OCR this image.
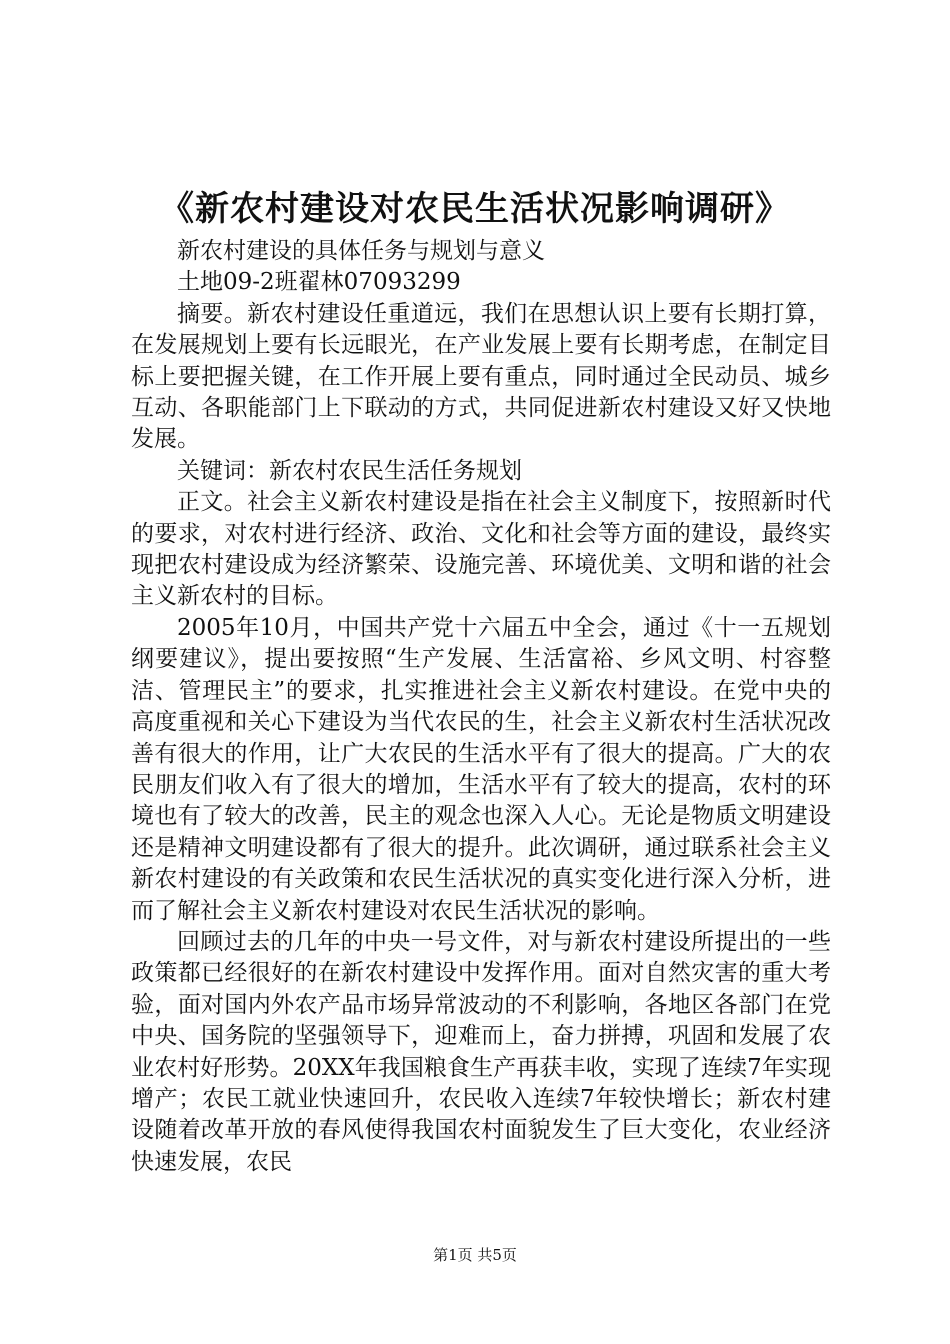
《新农村建设对农民生活状况影响调研》

新农村建设的具体任务与规划与意义

土地09-2班翟林07093299

摘要。新农村建设任重道远，我们在思想认识上要有长期打算，在发展规划上要有长远眼光，在产业发展上要有长期考虑，在制定目标上要把握关键，在工作开展上要有重点，同时通过全民动员、城乡互动、各职能部门上下联动的方式，共同促进新农村建设又好又快地发展。

关键词：新农村农民生活任务规划

正文。社会主义新农村建设是指在社会主义制度下，按照新时代的要求，对农村进行经济、政治、文化和社会等方面的建设，最终实现把农村建设成为经济繁荣、设施完善、环境优美、文明和谐的社会主义新农村的目标。

2005年10月，中国共产党十六届五中全会，通过《十一五规划纲要建议》，提出要按照“生产发展、生活富裕、乡风文明、村容整洁、管理民主”的要求，扎实推进社会主义新农村建设。在党中央的高度重视和关心下建设为当代农民的生，社会主义新农村生活状况改善有很大的作用，让广大农民的生活水平有了很大的提高。广大的农民朋友们收入有了很大的增加，生活水平有了较大的提高，农村的环境也有了较大的改善，民主的观念也深入人心。无论是物质文明建设还是精神文明建设都有了很大的提升。此次调研，通过联系社会主义新农村建设的有关政策和农民生活状况的真实变化进行深入分析，进而了解社会主义新农村建设对农民生活状况的影响。

回顾过去的几年的中央一号文件，对与新农村建设所提出的一些政策都已经很好的在新农村建设中发挥作用。面对自然灾害的重大考验，面对国内外农产品市场异常波动的不利影响，各地区各部门在党中央、国务院的坚强领导下，迎难而上，奋力拼搏，巩固和发展了农业农村好形势。20XX年我国粮食生产再获丰收，实现了连续7年实现增产；农民工就业快速回升，农民收入连续7年较快增长；新农村建设随着改革开放的春风使得我国农村面貌发生了巨大变化，农业经济快速发展，农民

第1页 共5页
